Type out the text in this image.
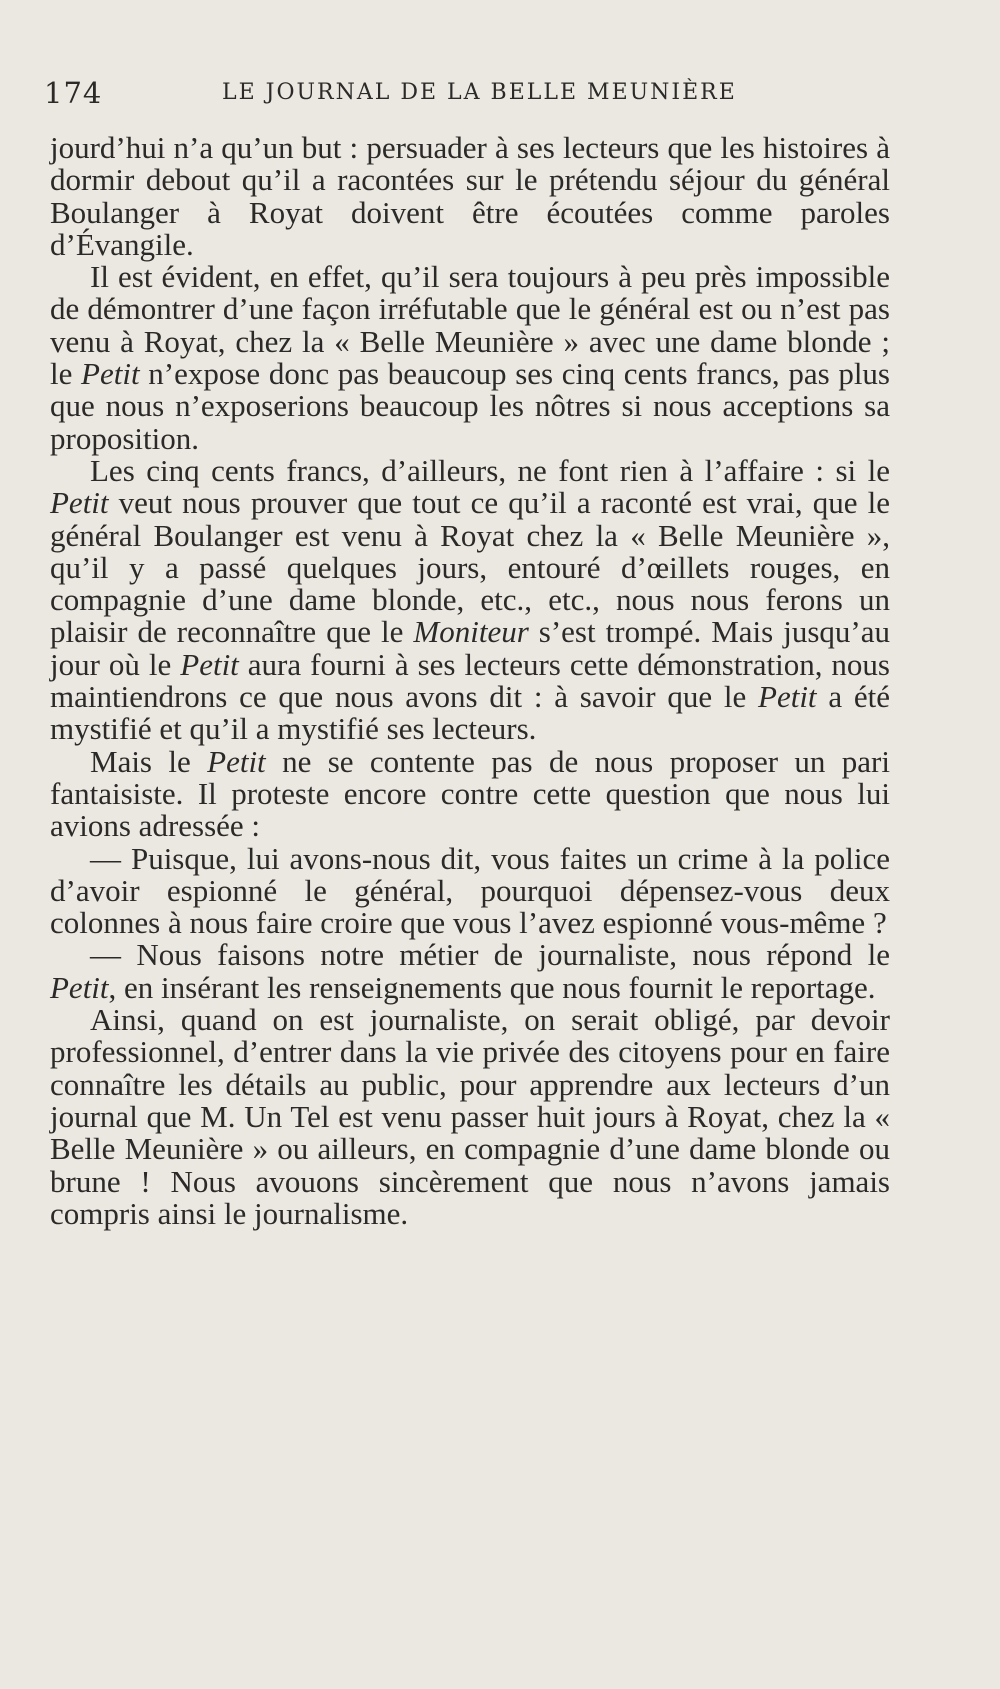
174	LE JOURNAL DE LA BELLE MEUNIÈRE

jourd’hui n’a qu’un but : persuader à ses lecteurs que les histoires à dormir debout qu’il a racontées sur le prétendu séjour du général Boulanger à Royat doivent être écoutées comme paroles d’Évangile.

Il est évident, en effet, qu’il sera toujours à peu près impossible de démontrer d’une façon irréfutable que le général est ou n’est pas venu à Royat, chez la « Belle Meunière » avec une dame blonde ; le Petit n’expose donc pas beaucoup ses cinq cents francs, pas plus que nous n’exposerions beaucoup les nôtres si nous acceptions sa proposition.

Les cinq cents francs, d’ailleurs, ne font rien à l’affaire : si le Petit veut nous prouver que tout ce qu’il a raconté est vrai, que le général Boulanger est venu à Royat chez la « Belle Meunière », qu’il y a passé quelques jours, entouré d’œillets rouges, en compagnie d’une dame blonde, etc., etc., nous nous ferons un plaisir de reconnaître que le Moniteur s’est trompé. Mais jusqu’au jour où le Petit aura fourni à ses lecteurs cette démonstration, nous maintiendrons ce que nous avons dit : à savoir que le Petit a été mystifié et qu’il a mystifié ses lecteurs.

Mais le Petit ne se contente pas de nous proposer un pari fantaisiste. Il proteste encore contre cette question que nous lui avions adressée :

— Puisque, lui avons-nous dit, vous faites un crime à la police d’avoir espionné le général, pourquoi dépensez-vous deux colonnes à nous faire croire que vous l’avez espionné vous-même ?

— Nous faisons notre métier de journaliste, nous répond le Petit, en insérant les renseignements que nous fournit le reportage.

Ainsi, quand on est journaliste, on serait obligé, par devoir professionnel, d’entrer dans la vie privée des citoyens pour en faire connaître les détails au public, pour apprendre aux lecteurs d’un journal que M. Un Tel est venu passer huit jours à Royat, chez la « Belle Meunière » ou ailleurs, en compagnie d’une dame blonde ou brune ! Nous avouons sincèrement que nous n’avons jamais compris ainsi le journalisme.
